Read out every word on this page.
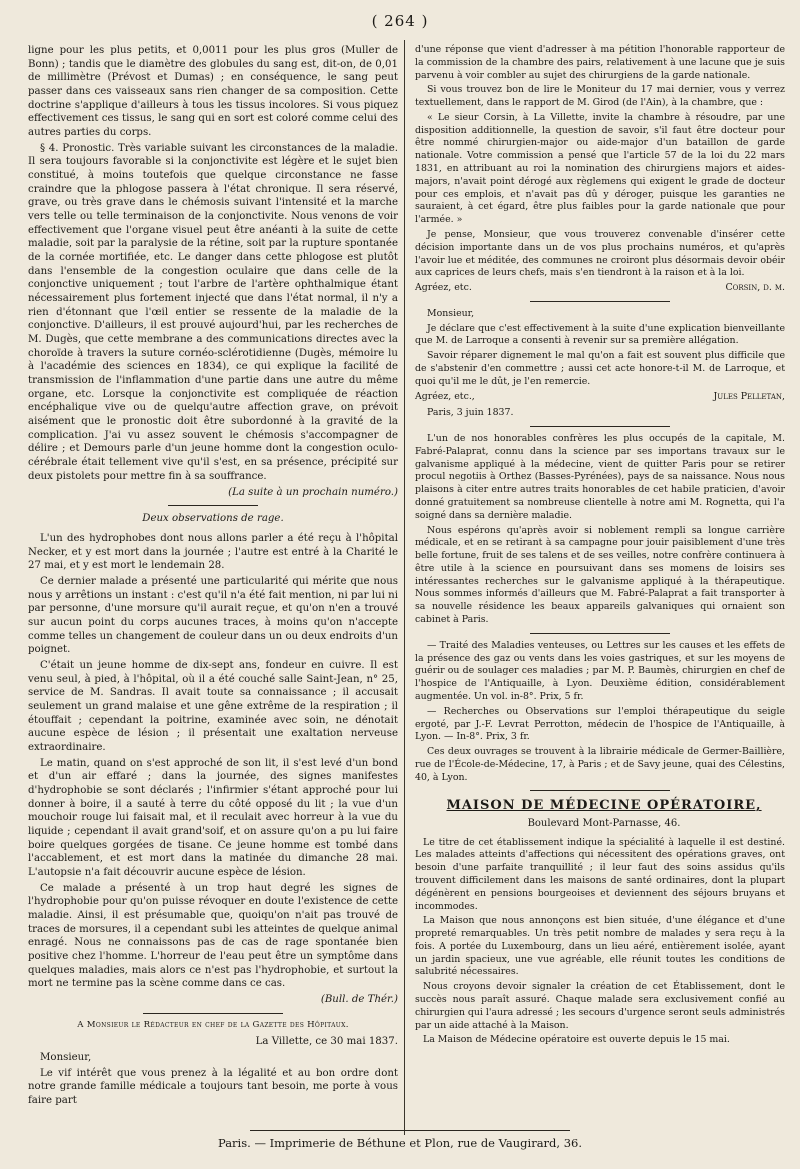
( 264 )

ligne pour les plus petits, et 0,0011 pour les plus gros (Muller de Bonn) ; tandis que le diamètre des globules du sang est, dit-on, de 0,01 de millimètre (Prévost et Dumas) ; en conséquence, le sang peut passer dans ces vaisseaux sans rien changer de sa composition. Cette doctrine s'applique d'ailleurs à tous les tissus incolores. Si vous piquez effectivement ces tissus, le sang qui en sort est coloré comme celui des autres parties du corps.

§ 4. Pronostic. Très variable suivant les circonstances de la maladie. Il sera toujours favorable si la conjonctivite est légère et le sujet bien constitué, à moins toutefois que quelque circonstance ne fasse craindre que la phlogose passera à l'état chronique. Il sera réservé, grave, ou très grave dans le chémosis suivant l'intensité et la marche vers telle ou telle terminaison de la conjonctivite. Nous venons de voir effectivement que l'organe visuel peut être anéanti à la suite de cette maladie, soit par la paralysie de la rétine, soit par la rupture spontanée de la cornée mortifiée, etc. Le danger dans cette phlogose est plutôt dans l'ensemble de la congestion oculaire que dans celle de la conjonctive uniquement ; tout l'arbre de l'artère ophthalmique étant nécessairement plus fortement injecté que dans l'état normal, il n'y a rien d'étonnant que l'œil entier se ressente de la maladie de la conjonctive. D'ailleurs, il est prouvé aujourd'hui, par les recherches de M. Dugès, que cette membrane a des communications directes avec la choroïde à travers la suture cornéo-sclérotidienne (Dugès, mémoire lu à l'académie des sciences en 1834), ce qui explique la facilité de transmission de l'inflammation d'une partie dans une autre du même organe, etc. Lorsque la conjonctivite est compliquée de réaction encéphalique vive ou de quelqu'autre affection grave, on prévoit aisément que le pronostic doit être subordonné à la gravité de la complication. J'ai vu assez souvent le chémosis s'accompagner de délire ; et Demours parle d'un jeune homme dont la congestion oculo-cérébrale était tellement vive qu'il s'est, en sa présence, précipité sur deux pistolets pour mettre fin à sa souffrance.

(La suite à un prochain numéro.)

Deux observations de rage.

L'un des hydrophobes dont nous allons parler a été reçu à l'hôpital Necker, et y est mort dans la journée ; l'autre est entré à la Charité le 27 mai, et y est mort le lendemain 28.

Ce dernier malade a présenté une particularité qui mérite que nous nous y arrêtions un instant : c'est qu'il n'a été fait mention, ni par lui ni par personne, d'une morsure qu'il aurait reçue, et qu'on n'en a trouvé sur aucun point du corps aucunes traces, à moins qu'on n'accepte comme telles un changement de couleur dans un ou deux endroits d'un poignet.

C'était un jeune homme de dix-sept ans, fondeur en cuivre. Il est venu seul, à pied, à l'hôpital, où il a été couché salle Saint-Jean, n° 25, service de M. Sandras. Il avait toute sa connaissance ; il accusait seulement un grand malaise et une gêne extrême de la respiration ; il étouffait ; cependant la poitrine, examinée avec soin, ne dénotait aucune espèce de lésion ; il présentait une exaltation nerveuse extraordinaire.

Le matin, quand on s'est approché de son lit, il s'est levé d'un bond et d'un air effaré ; dans la journée, des signes manifestes d'hydrophobie se sont déclarés ; l'infirmier s'étant approché pour lui donner à boire, il a sauté à terre du côté opposé du lit ; la vue d'un mouchoir rouge lui faisait mal, et il reculait avec horreur à la vue du liquide ; cependant il avait grand'soif, et on assure qu'on a pu lui faire boire quelques gorgées de tisane. Ce jeune homme est tombé dans l'accablement, et est mort dans la matinée du dimanche 28 mai. L'autopsie n'a fait découvrir aucune espèce de lésion.

Ce malade a présenté à un trop haut degré les signes de l'hydrophobie pour qu'on puisse révoquer en doute l'existence de cette maladie. Ainsi, il est présumable que, quoiqu'on n'ait pas trouvé de traces de morsures, il a cependant subi les atteintes de quelque animal enragé. Nous ne connaissons pas de cas de rage spontanée bien positive chez l'homme. L'horreur de l'eau peut être un symptôme dans quelques maladies, mais alors ce n'est pas l'hydrophobie, et surtout la mort ne termine pas la scène comme dans ce cas.

(Bull. de Thér.)

A Monsieur le Rédacteur en chef de la Gazette des Hôpitaux.

La Villette, ce 30 mai 1837.

Monsieur,

Le vif intérêt que vous prenez à la légalité et au bon ordre dont notre grande famille médicale a toujours tant besoin, me porte à vous faire part

d'une réponse que vient d'adresser à ma pétition l'honorable rapporteur de la commission de la chambre des pairs, relativement à une lacune que je suis parvenu à voir combler au sujet des chirurgiens de la garde nationale.

Si vous trouvez bon de lire le Moniteur du 17 mai dernier, vous y verrez textuellement, dans le rapport de M. Girod (de l'Ain), à la chambre, que :

« Le sieur Corsin, à La Villette, invite la chambre à résoudre, par une disposition additionnelle, la question de savoir, s'il faut être docteur pour être nommé chirurgien-major ou aide-major d'un bataillon de garde nationale. Votre commission a pensé que l'article 57 de la loi du 22 mars 1831, en attribuant au roi la nomination des chirurgiens majors et aides-majors, n'avait point dérogé aux règlemens qui exigent le grade de docteur pour ces emplois, et n'avait pas dû y déroger, puisque les garanties ne sauraient, à cet égard, être plus faibles pour la garde nationale que pour l'armée. »

Je pense, Monsieur, que vous trouverez convenable d'insérer cette décision importante dans un de vos plus prochains numéros, et qu'après l'avoir lue et méditée, des communes ne croiront plus désormais devoir obéir aux caprices de leurs chefs, mais s'en tiendront à la raison et à la loi.

Agréez, etc.	Corsin, d. m.

Monsieur,

Je déclare que c'est effectivement à la suite d'une explication bienveillante que M. de Larroque a consenti à revenir sur sa première allégation.

Savoir réparer dignement le mal qu'on a fait est souvent plus difficile que de s'abstenir d'en commettre ; aussi cet acte honore-t-il M. de Larroque, et quoi qu'il me le dût, je l'en remercie.

Agréez, etc.,	Jules Pelletan,

Paris, 3 juin 1837.

L'un de nos honorables confrères les plus occupés de la capitale, M. Fabré-Palaprat, connu dans la science par ses importans travaux sur le galvanisme appliqué à la médecine, vient de quitter Paris pour se retirer procul negotiis à Orthez (Basses-Pyrénées), pays de sa naissance. Nous nous plaisons à citer entre autres traits honorables de cet habile praticien, d'avoir donné gratuitement sa nombreuse clientelle à notre ami M. Rognetta, qui l'a soigné dans sa dernière maladie.

Nous espérons qu'après avoir si noblement rempli sa longue carrière médicale, et en se retirant à sa campagne pour jouir paisiblement d'une très belle fortune, fruit de ses talens et de ses veilles, notre confrère continuera à être utile à la science en poursuivant dans ses momens de loisirs ses intéressantes recherches sur le galvanisme appliqué à la thérapeutique. Nous sommes informés d'ailleurs que M. Fabré-Palaprat a fait transporter à sa nouvelle résidence les beaux appareils galvaniques qui ornaient son cabinet à Paris.

— Traité des Maladies venteuses, ou Lettres sur les causes et les effets de la présence des gaz ou vents dans les voies gastriques, et sur les moyens de guérir ou de soulager ces maladies ; par M. P. Baumès, chirurgien en chef de l'hospice de l'Antiquaille, à Lyon. Deuxième édition, considérablement augmentée. Un vol. in-8°. Prix, 5 fr.

— Recherches ou Observations sur l'emploi thérapeutique du seigle ergoté, par J.-F. Levrat Perrotton, médecin de l'hospice de l'Antiquaille, à Lyon. — In-8°. Prix, 3 fr.

Ces deux ouvrages se trouvent à la librairie médicale de Germer-Baillière, rue de l'École-de-Médecine, 17, à Paris ; et de Savy jeune, quai des Célestins, 40, à Lyon.

MAISON DE MÉDECINE OPÉRATOIRE,

Boulevard Mont-Parnasse, 46.

Le titre de cet établissement indique la spécialité à laquelle il est destiné. Les malades atteints d'affections qui nécessitent des opérations graves, ont besoin d'une parfaite tranquillité ; il leur faut des soins assidus qu'ils trouvent difficilement dans les maisons de santé ordinaires, dont la plupart dégénèrent en pensions bourgeoises et deviennent des séjours bruyans et incommodes.

La Maison que nous annonçons est bien située, d'une élégance et d'une propreté remarquables. Un très petit nombre de malades y sera reçu à la fois. A portée du Luxembourg, dans un lieu aéré, entièrement isolée, ayant un jardin spacieux, une vue agréable, elle réunit toutes les conditions de salubrité nécessaires.

Nous croyons devoir signaler la création de cet Établissement, dont le succès nous paraît assuré. Chaque malade sera exclusivement confié au chirurgien qui l'aura adressé ; les secours d'urgence seront seuls administrés par un aide attaché à la Maison.

La Maison de Médecine opératoire est ouverte depuis le 15 mai.

Paris. — Imprimerie de Béthune et Plon, rue de Vaugirard, 36.
